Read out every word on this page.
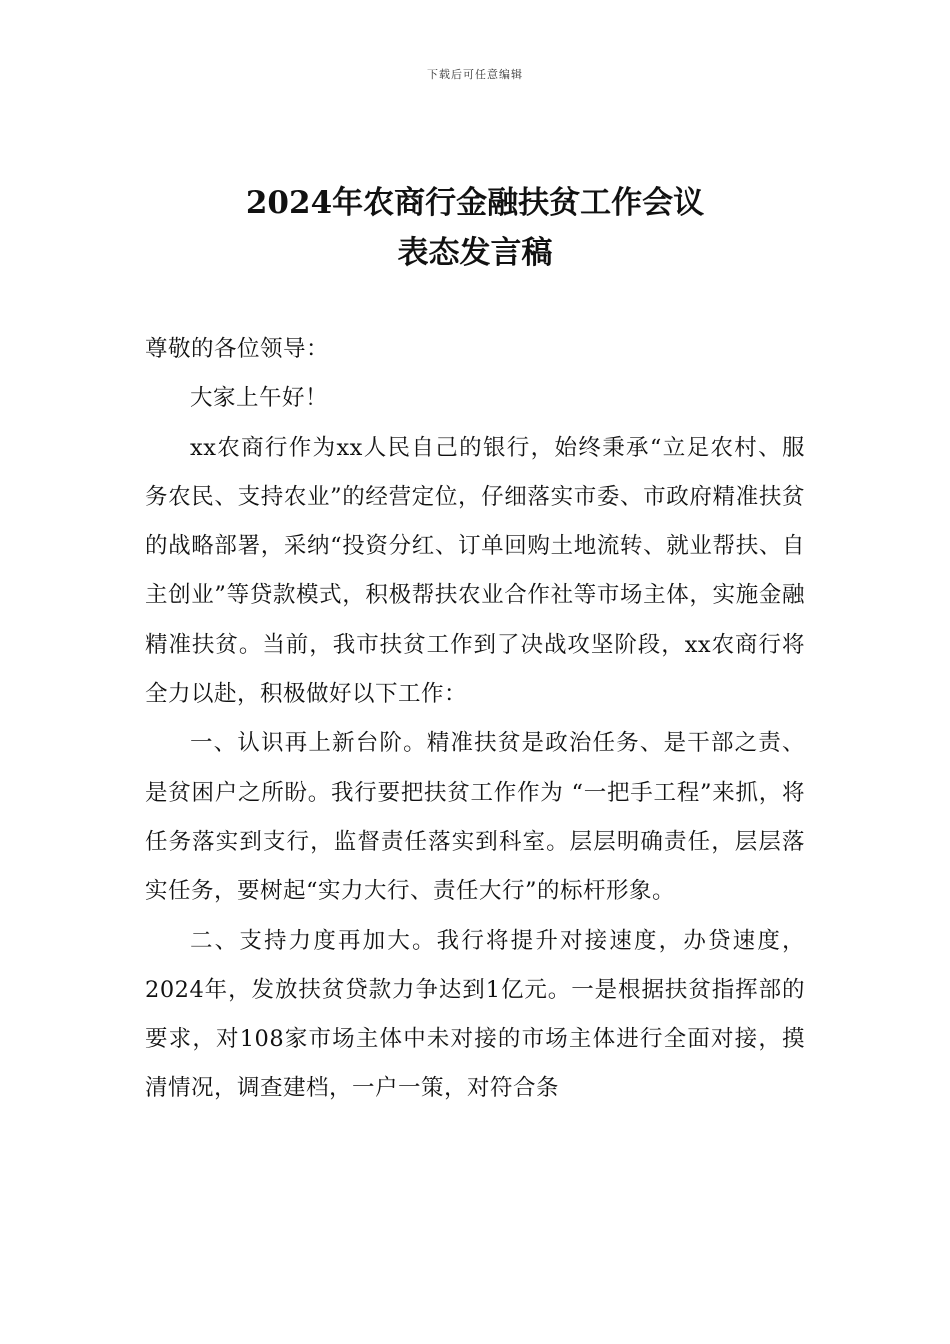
下载后可任意编辑
2024年农商行金融扶贫工作会议
表态发言稿

尊敬的各位领导：

大家上午好！

xx农商行作为xx人民自己的银行，始终秉承“立足农村、服务农民、支持农业”的经营定位，仔细落实市委、市政府精准扶贫的战略部署，采纳“投资分红、订单回购土地流转、就业帮扶、自主创业”等贷款模式，积极帮扶农业合作社等市场主体，实施金融精准扶贫。当前，我市扶贫工作到了决战攻坚阶段，xx农商行将全力以赴，积极做好以下工作：

一、认识再上新台阶。精准扶贫是政治任务、是干部之责、是贫困户之所盼。我行要把扶贫工作作为 “一把手工程”来抓，将任务落实到支行，监督责任落实到科室。层层明确责任，层层落实任务，要树起“实力大行、责任大行”的标杆形象。

二、支持力度再加大。我行将提升对接速度，办贷速度，2024年，发放扶贫贷款力争达到1亿元。一是根据扶贫指挥部的要求，对108家市场主体中未对接的市场主体进行全面对接，摸清情况，调查建档，一户一策，对符合条
